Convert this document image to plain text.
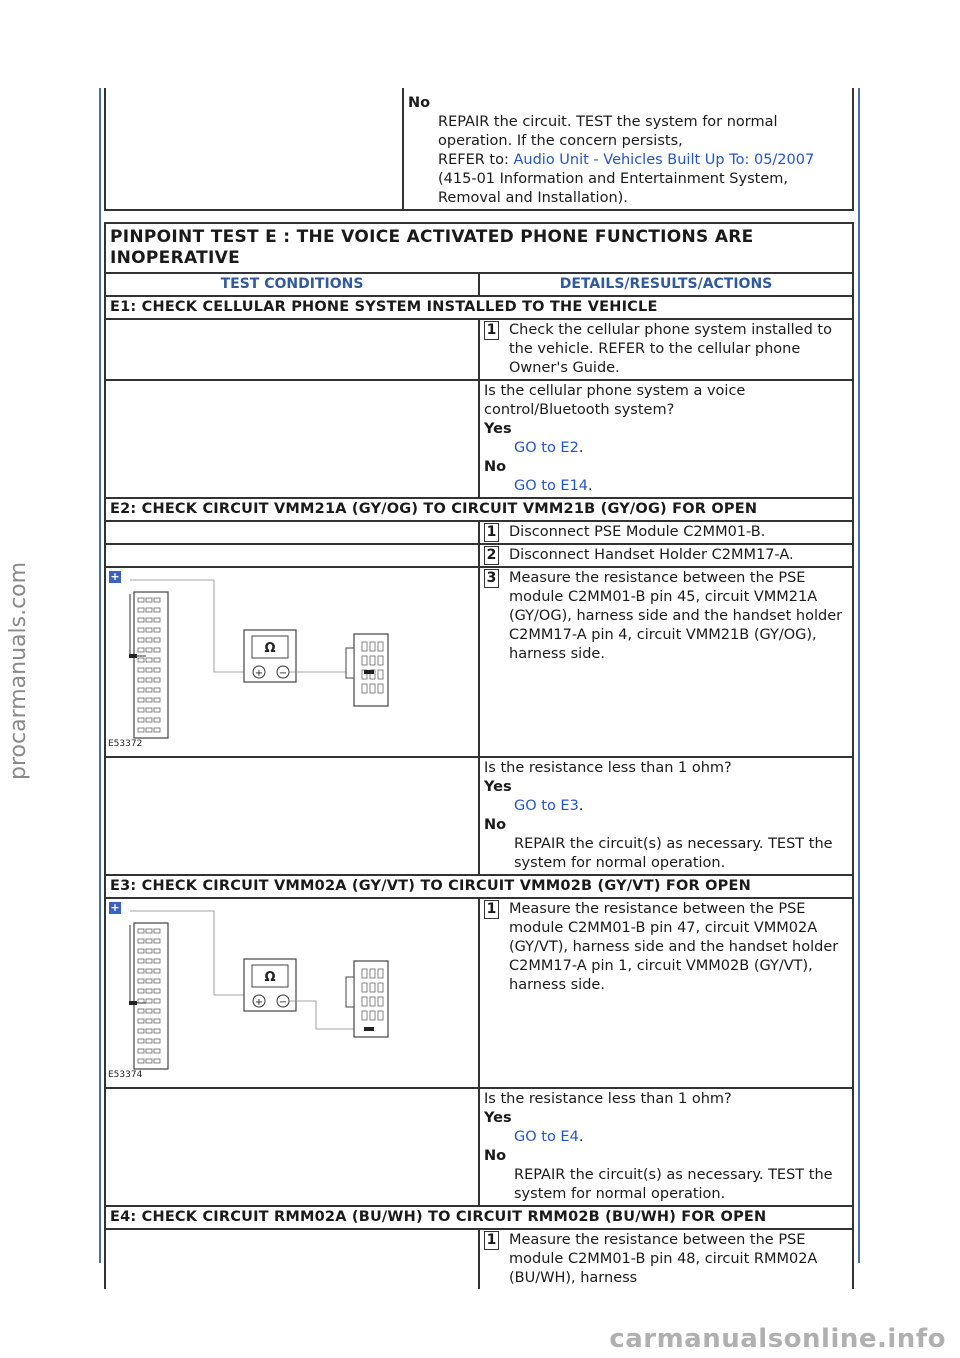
No
REPAIR the circuit. TEST the system for normal
operation. If the concern persists,
REFER to: Audio Unit - Vehicles Built Up To: 05/2007
(415-01 Information and Entertainment System,
Removal and Installation).
PINPOINT TEST E : THE VOICE ACTIVATED PHONE FUNCTIONS ARE
INOPERATIVE	

TEST CONDITIONS	DETAILS/RESULTS/ACTIONS
E1: CHECK CELLULAR PHONE SYSTEM INSTALLED TO THE VEHICLE	

	1 Check the cellular phone system installed to the vehicle. REFER to the cellular phone Owner's Guide.

	Is the cellular phone system a voice control/Bluetooth system?
Yes
GO to E2.
No
GO to E14.

E2: CHECK CIRCUIT VMM21A (GY/OG) TO CIRCUIT VMM21B (GY/OG) FOR OPEN	

	1 Disconnect PSE Module C2MM01-B.

	2 Disconnect Handset Holder C2MM17-A.

+
Ω
+ −
E53372	3 Measure the resistance between the PSE module C2MM01-B pin 45, circuit VMM21A (GY/OG), harness side and the handset holder C2MM17-A pin 4, circuit VMM21B (GY/OG), harness side.

	Is the resistance less than 1 ohm?
Yes
GO to E3.
No
REPAIR the circuit(s) as necessary. TEST the system for normal operation.

E3: CHECK CIRCUIT VMM02A (GY/VT) TO CIRCUIT VMM02B (GY/VT) FOR OPEN	

+
Ω
+ −
E53374	1 Measure the resistance between the PSE module C2MM01-B pin 47, circuit VMM02A (GY/VT), harness side and the handset holder C2MM17-A pin 1, circuit VMM02B (GY/VT), harness side.

	Is the resistance less than 1 ohm?
Yes
GO to E4.
No
REPAIR the circuit(s) as necessary. TEST the system for normal operation.

E4: CHECK CIRCUIT RMM02A (BU/WH) TO CIRCUIT RMM02B (BU/WH) FOR OPEN	

	1 Measure the resistance between the PSE module C2MM01-B pin 48, circuit RMM02A (BU/WH), harness
procarmanuals.com
carmanualsonline.info
